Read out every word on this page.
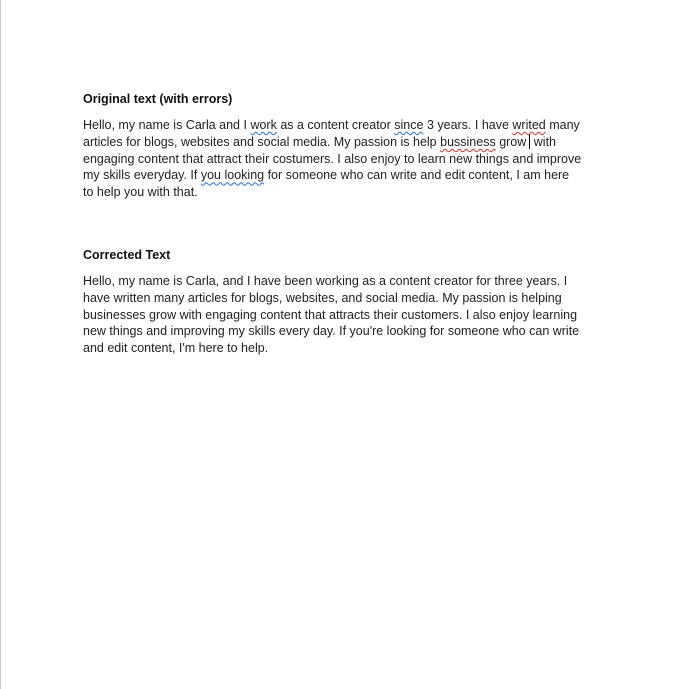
Original text (with errors)

Hello, my name is Carla and I work as a content creator since 3 years. I have writed many articles for blogs, websites and social media. My passion is help bussiness grow with engaging content that attract their costumers. I also enjoy to learn new things and improve my skills everyday. If you looking for someone who can write and edit content, I am here to help you with that.

Corrected Text

Hello, my name is Carla, and I have been working as a content creator for three years. I have written many articles for blogs, websites, and social media. My passion is helping businesses grow with engaging content that attracts their customers. I also enjoy learning new things and improving my skills every day. If you're looking for someone who can write and edit content, I'm here to help.
